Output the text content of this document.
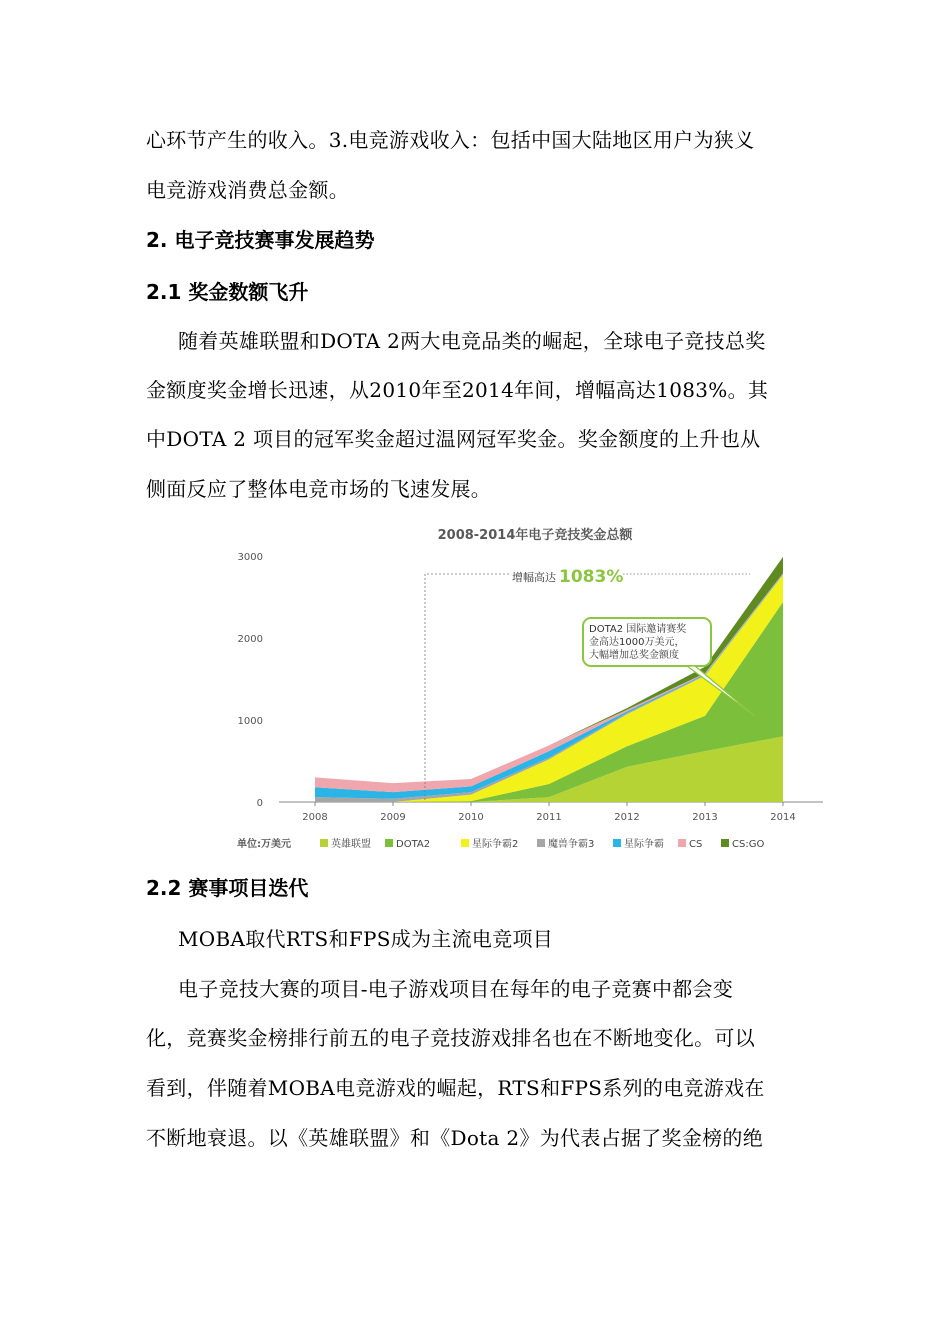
心环节产生的收入。3.电竞游戏收入：包括中国大陆地区用户为狭义
电竞游戏消费总金额。
2. 电子竞技赛事发展趋势
2.1 奖金数额飞升
随着英雄联盟和DOTA 2两大电竞品类的崛起，全球电子竞技总奖
金额度奖金增长迅速，从2010年至2014年间，增幅高达1083%。其
中DOTA 2 项目的冠军奖金超过温网冠军奖金。奖金额度的上升也从
侧面反应了整体电竞市场的飞速发展。
2008-2014年电子竞技奖金总额
0
1000
2000
3000
2008	2009	2010	2011	2012	2013	2014
增幅高达 1083%
DOTA2 国际邀请赛奖
金高达1000万美元，
大幅增加总奖金额度
单位:万美元	英雄联盟	DOTA2	星际争霸2	魔兽争霸3	星际争霸	CS	CS:GO
2.2 赛事项目迭代
MOBA取代RTS和FPS成为主流电竞项目
电子竞技大赛的项目-电子游戏项目在每年的电子竞赛中都会变
化，竞赛奖金榜排行前五的电子竞技游戏排名也在不断地变化。可以
看到，伴随着MOBA电竞游戏的崛起，RTS和FPS系列的电竞游戏在
不断地衰退。以《英雄联盟》和《Dota 2》为代表占据了奖金榜的绝
